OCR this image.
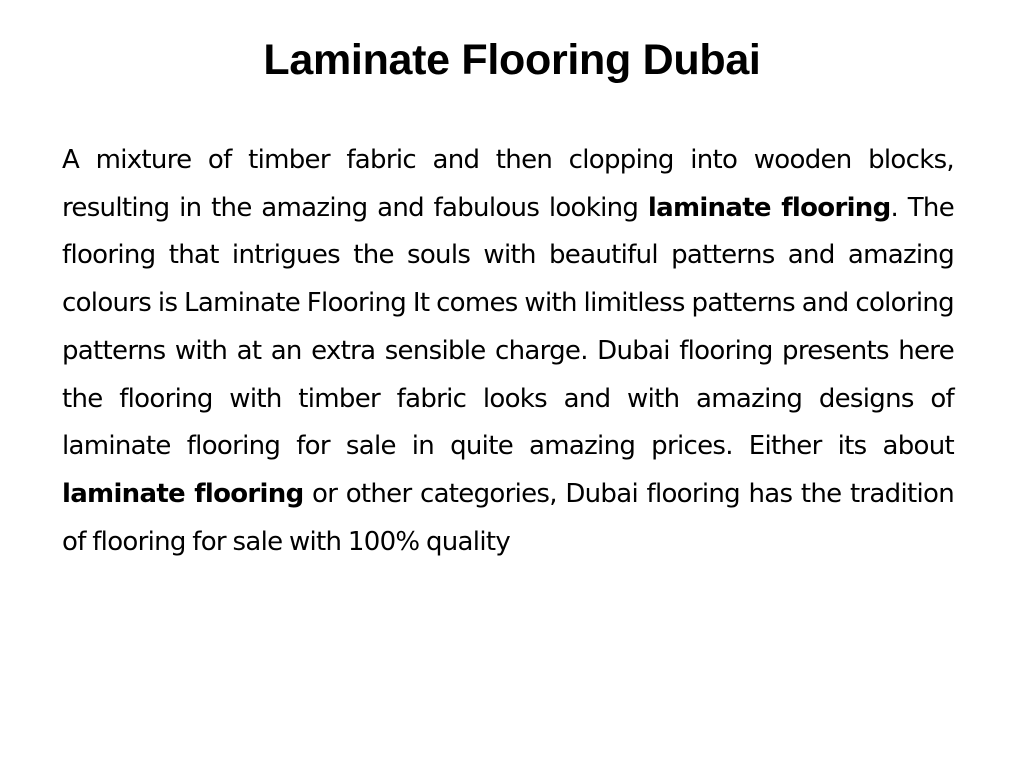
Laminate Flooring Dubai

A mixture of timber fabric and then clopping into wooden blocks, resulting in the amazing and fabulous looking laminate flooring. The flooring that intrigues the souls with beautiful patterns and amazing colours is Laminate Flooring It comes with limitless patterns and coloring patterns with at an extra sensible charge. Dubai flooring presents here the flooring with timber fabric looks and with amazing designs of laminate flooring for sale in quite amazing prices. Either its about laminate flooring or other categories, Dubai flooring has the tradition of flooring for sale with 100% quality
